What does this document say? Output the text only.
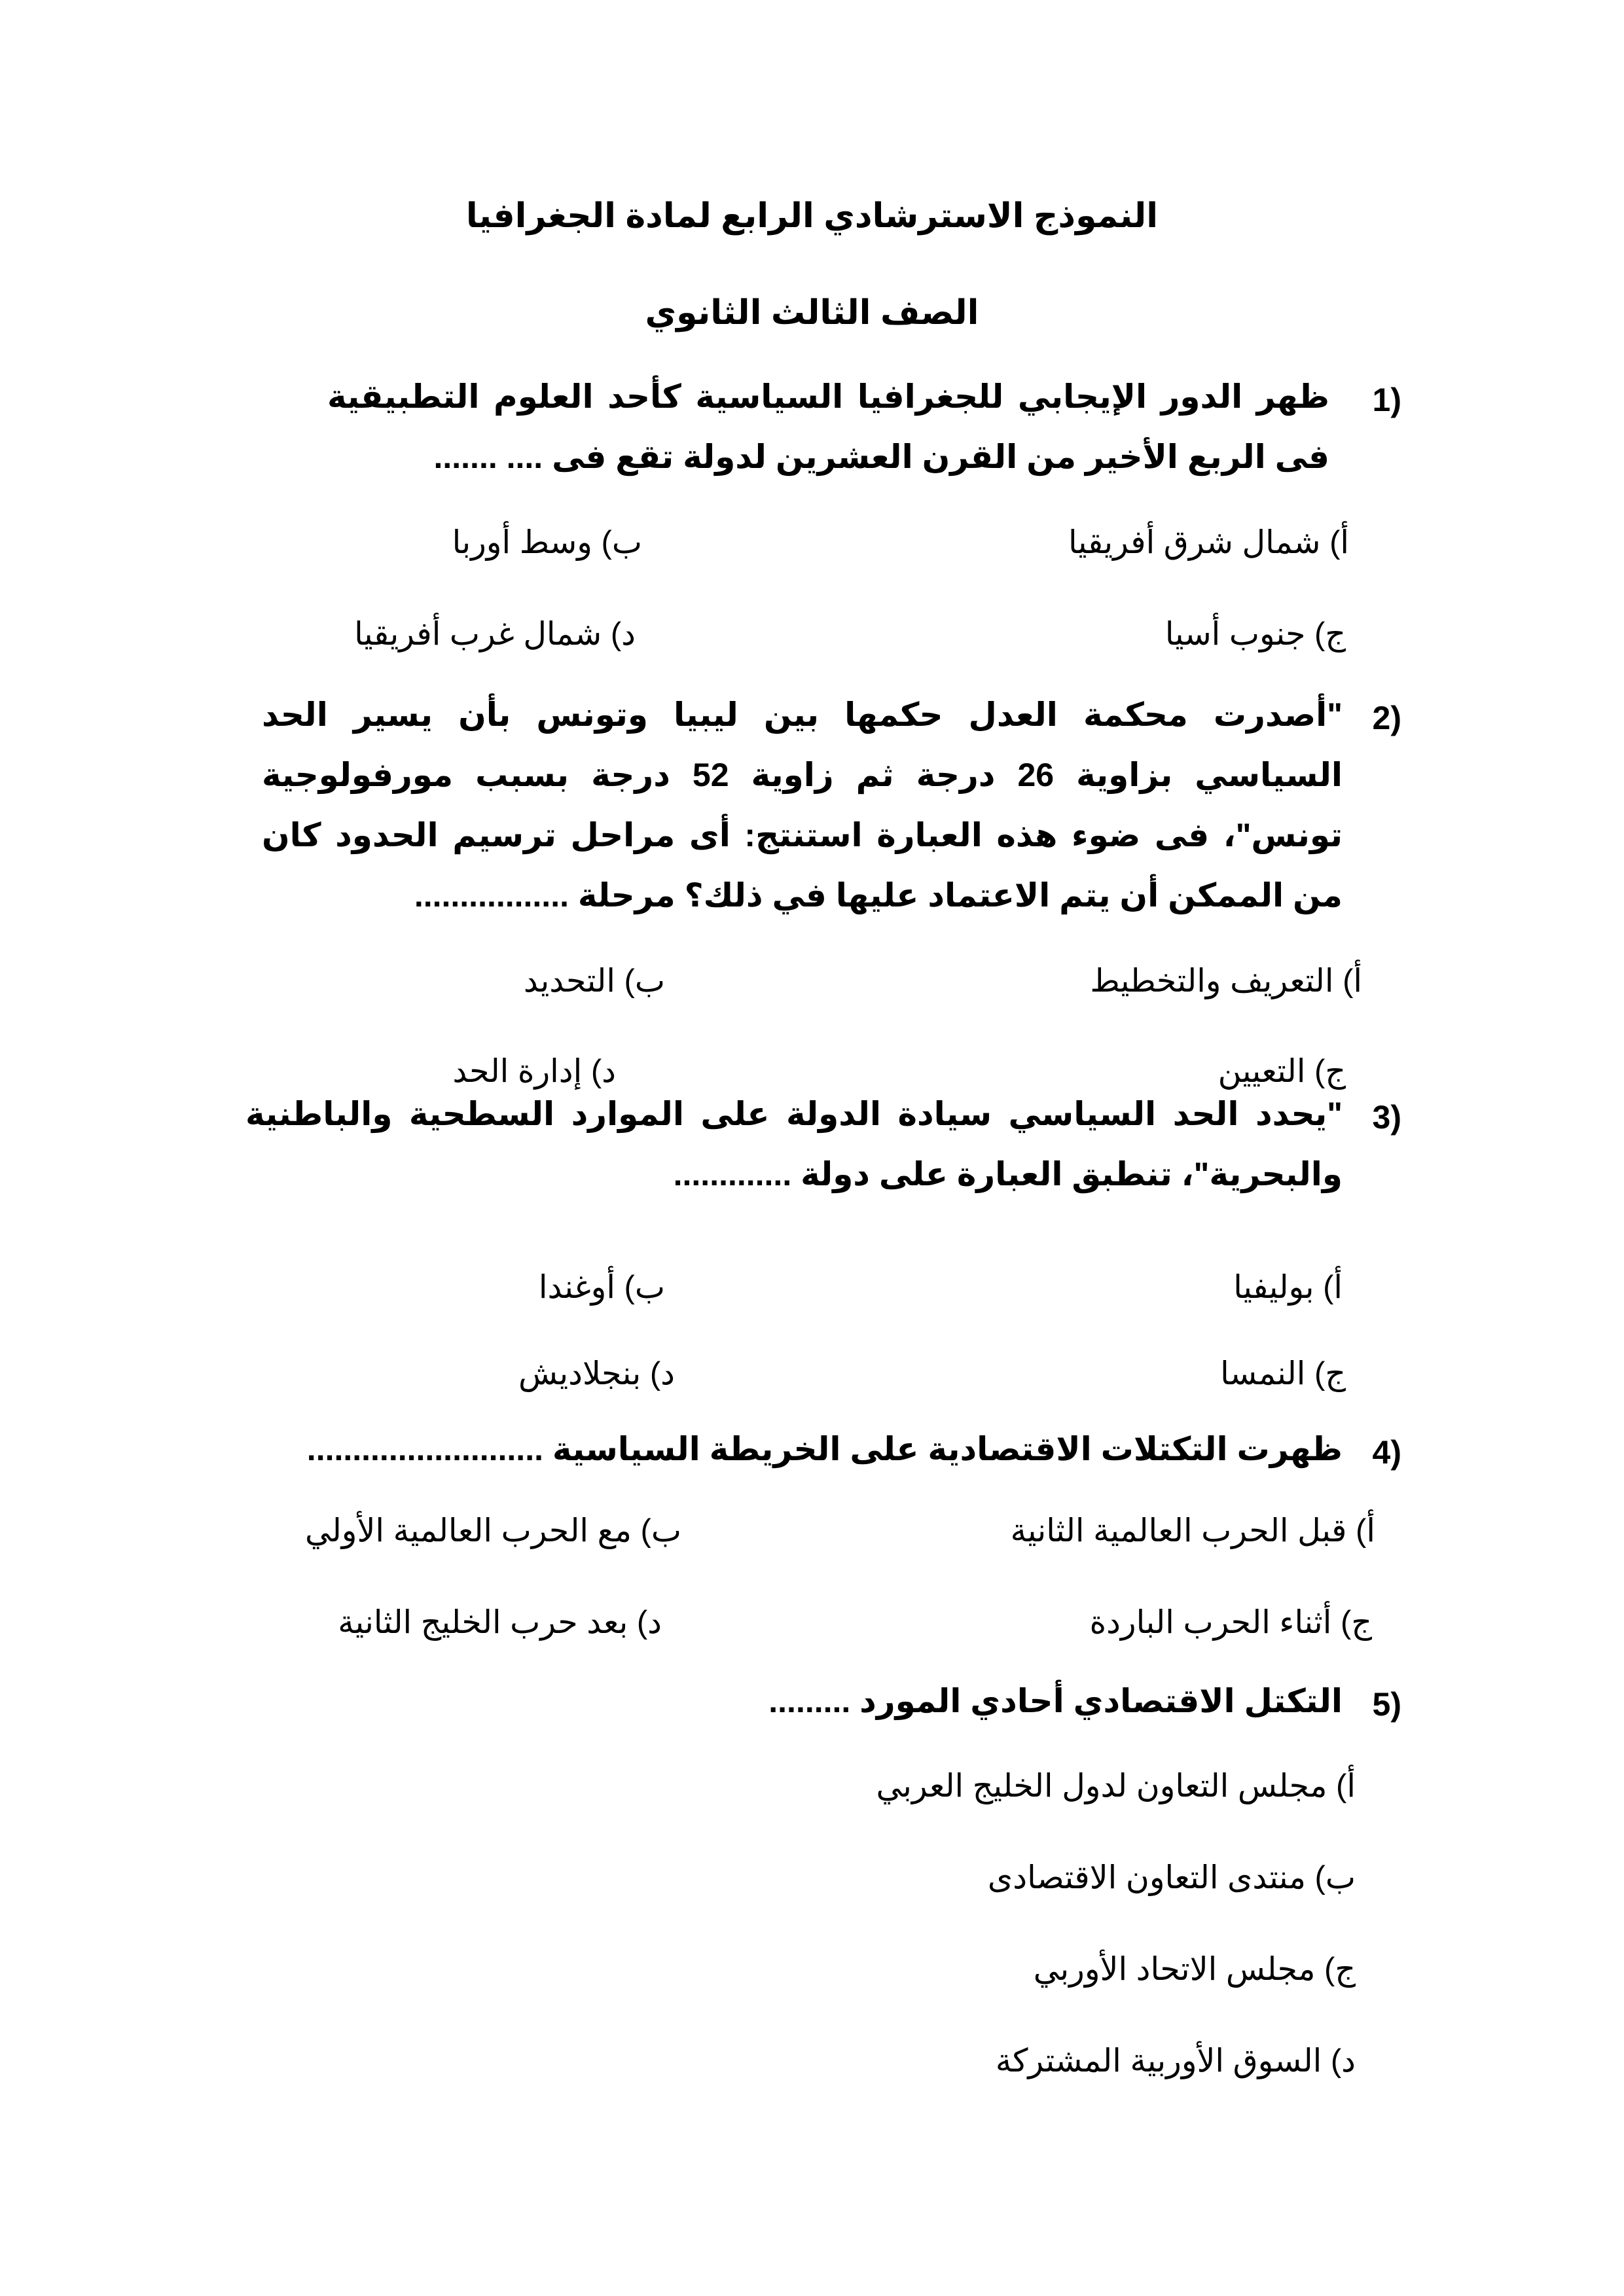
النموذج الاسترشادي الرابع لمادة الجغرافيا
الصف الثالث الثانوي
1)
ظهر الدور الإيجابي للجغرافيا السياسية كأحد العلوم التطبيقية فى الربع الأخير من القرن العشرين لدولة تقع فى .... .......
أ) شمال شرق أفريقيا
ب) وسط أوربا
ج) جنوب أسيا
د) شمال غرب أفريقيا
2)
"أصدرت محكمة العدل حكمها بين ليبيا وتونس بأن يسير الحد السياسي بزاوية 26 درجة ثم زاوية 52 درجة بسبب مورفولوجية تونس"، فى ضوء هذه العبارة استنتج: أى مراحل ترسيم الحدود كان من الممكن أن يتم الاعتماد عليها في ذلك؟ مرحلة .................
أ) التعريف والتخطيط
ب) التحديد
ج) التعيين
د) إدارة الحد
3)
"يحدد الحد السياسي سيادة الدولة على الموارد السطحية والباطنية والبحرية"، تنطبق العبارة على دولة .............
أ) بوليفيا
ب) أوغندا
ج) النمسا
د) بنجلاديش
4)
ظهرت التكتلات الاقتصادية على الخريطة السياسية ..........................
أ) قبل الحرب العالمية الثانية
ب) مع الحرب العالمية الأولي
ج) أثناء الحرب الباردة
د) بعد حرب الخليج الثانية
5)
التكتل الاقتصادي أحادي المورد .........
أ) مجلس التعاون لدول الخليج العربي
ب) منتدى التعاون الاقتصادى
ج) مجلس الاتحاد الأوربي
د) السوق الأوربية المشتركة
